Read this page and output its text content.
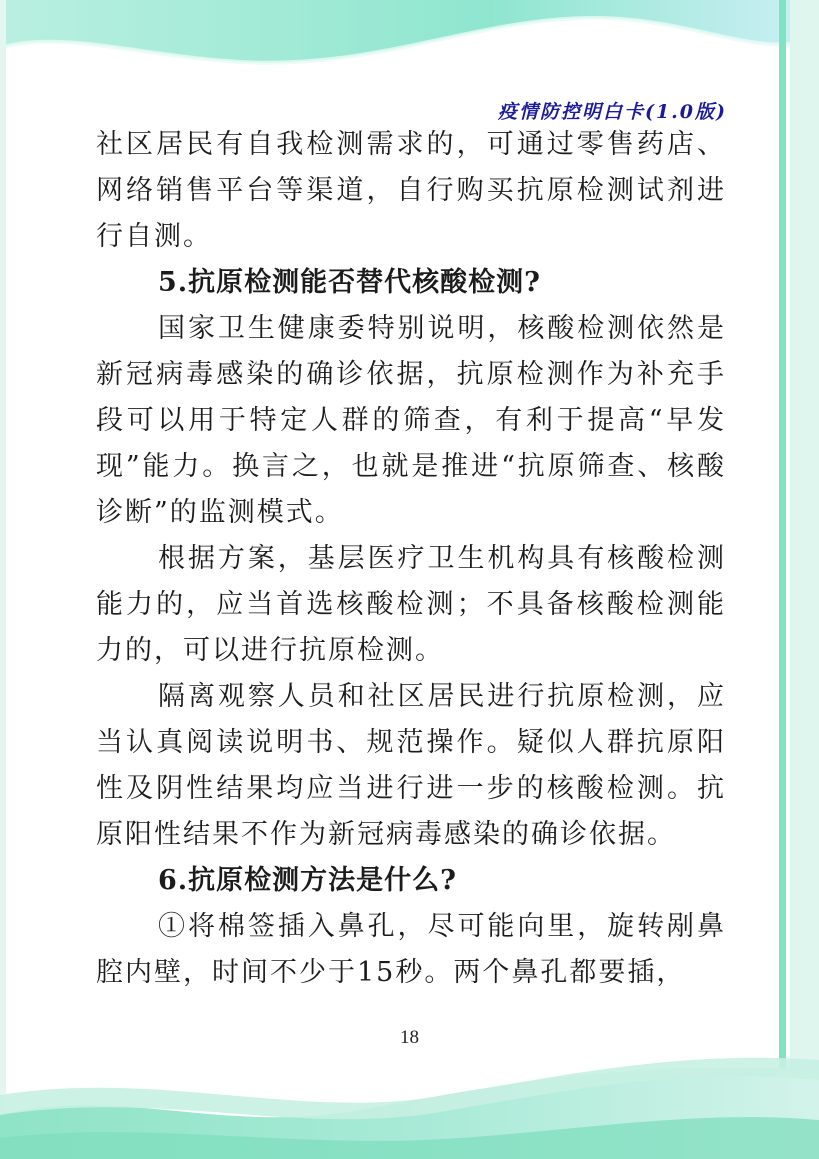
疫情防控明白卡(1.0版)

社区居民有自我检测需求的，可通过零售药店、网络销售平台等渠道，自行购买抗原检测试剂进行自测。

5.抗原检测能否替代核酸检测?

国家卫生健康委特别说明，核酸检测依然是新冠病毒感染的确诊依据，抗原检测作为补充手段可以用于特定人群的筛查，有利于提高“早发现”能力。换言之，也就是推进“抗原筛查、核酸诊断”的监测模式。

根据方案，基层医疗卫生机构具有核酸检测能力的，应当首选核酸检测；不具备核酸检测能力的，可以进行抗原检测。

隔离观察人员和社区居民进行抗原检测，应当认真阅读说明书、规范操作。疑似人群抗原阳性及阴性结果均应当进行进一步的核酸检测。抗原阳性结果不作为新冠病毒感染的确诊依据。

6.抗原检测方法是什么?

①将棉签插入鼻孔，尽可能向里，旋转剐鼻腔内壁，时间不少于15秒。两个鼻孔都要插，

18
